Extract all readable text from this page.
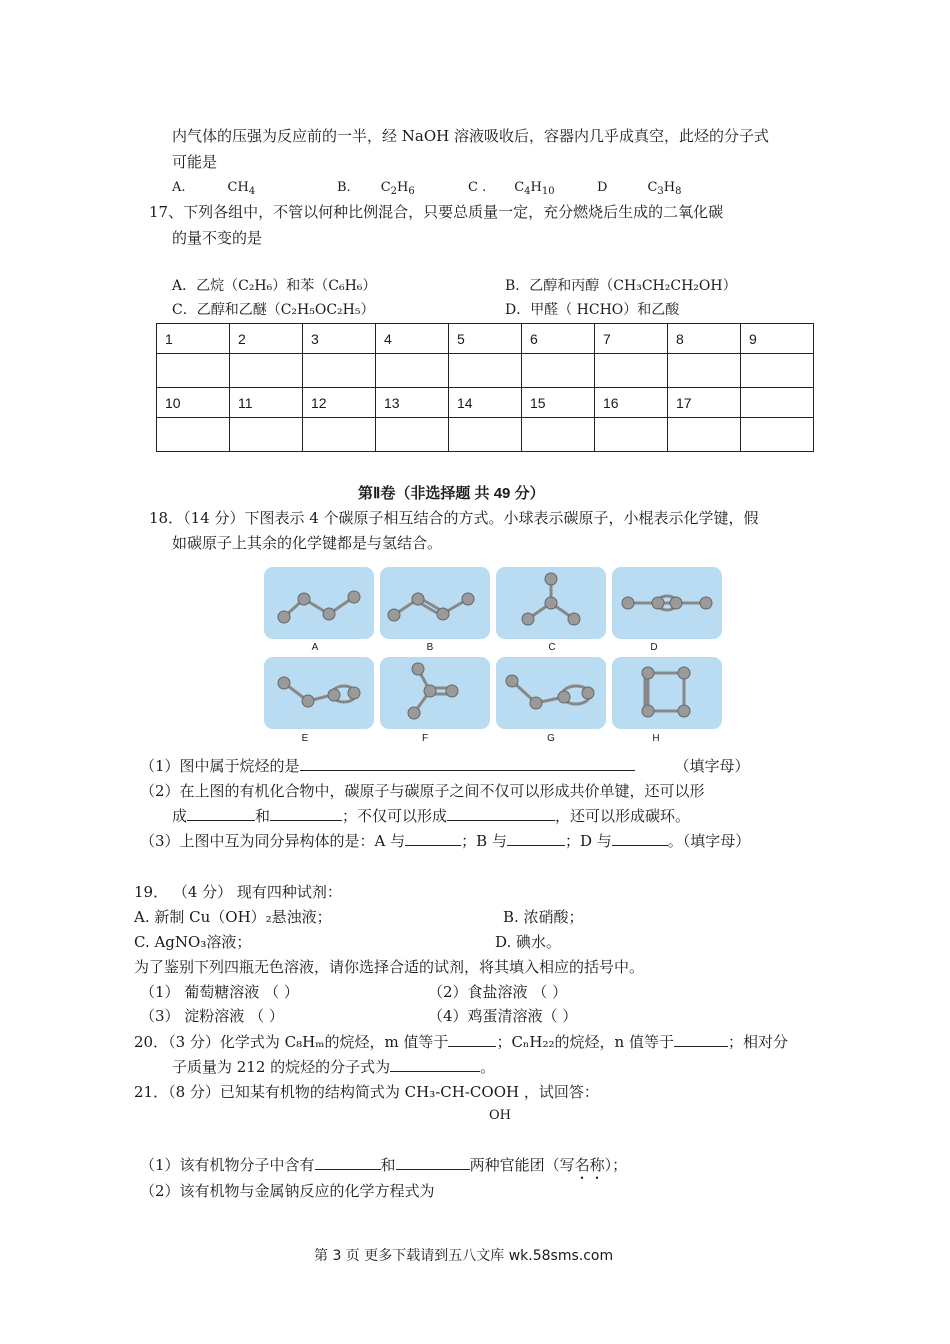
内气体的压强为反应前的一半，经 NaOH 溶液吸收后，容器内几乎成真空，此烃的分子式
可能是
A.	$CH_4$	B. $C_2H_6$	C . $C_4H_{10}$	D	$C_3H_8$
17、下列各组中，不管以何种比例混合，只要总质量一定，充分燃烧后生成的二氧化碳
的量不变的是
A．乙烷（C₂H₆）和苯（C₆H₆）	B．乙醇和丙醇（CH₃CH₂CH₂OH）
C．乙醇和乙醚（C₂H₅OC₂H₅）	D．甲醛（ HCHO）和乙酸
1	2	3	4	5	6	7	8	9

10	11	12	13	14	15	16	17	

第Ⅱ卷（非选择题 共 49 分）
18．（14 分）下图表示 4 个碳原子相互结合的方式。小球表示碳原子，小棍表示化学键，假
如碳原子上其余的化学键都是与氢结合。
A	B	C	D
E	F	G	H
（1）图中属于烷烃的是	（填字母）
（2）在上图的有机化合物中，碳原子与碳原子之间不仅可以形成共价单键，还可以形
成	和	；不仅可以形成	，还可以形成碳环。
（3）上图中互为同分异构体的是：A 与	；B 与	；D 与	。（填字母）
19． （4 分） 现有四种试剂：
A. 新制 Cu（OH）₂悬浊液；	B. 浓硝酸；
C. AgNO₃溶液；	D. 碘水。
为了鉴别下列四瓶无色溶液，请你选择合适的试剂，将其填入相应的括号中。
（1） 葡萄糖溶液 （ ）	（2）食盐溶液 （ ）
（3） 淀粉溶液 （ ）	（4）鸡蛋清溶液（ ）
20．（3 分）化学式为 C₈Hₘ的烷烃，m 值等于	；CₙH₂₂的烷烃，n 值等于	；相对分
子质量为 212 的烷烃的分子式为	。
21．（8 分）已知某有机物的结构简式为 CH₃-CH-COOH ，试回答：
OH
（1）该有机物分子中含有	和	两种官能团（写名称）；
（2）该有机物与金属钠反应的化学方程式为
第 3 页 更多下载请到五八文库 wk.58sms.com
